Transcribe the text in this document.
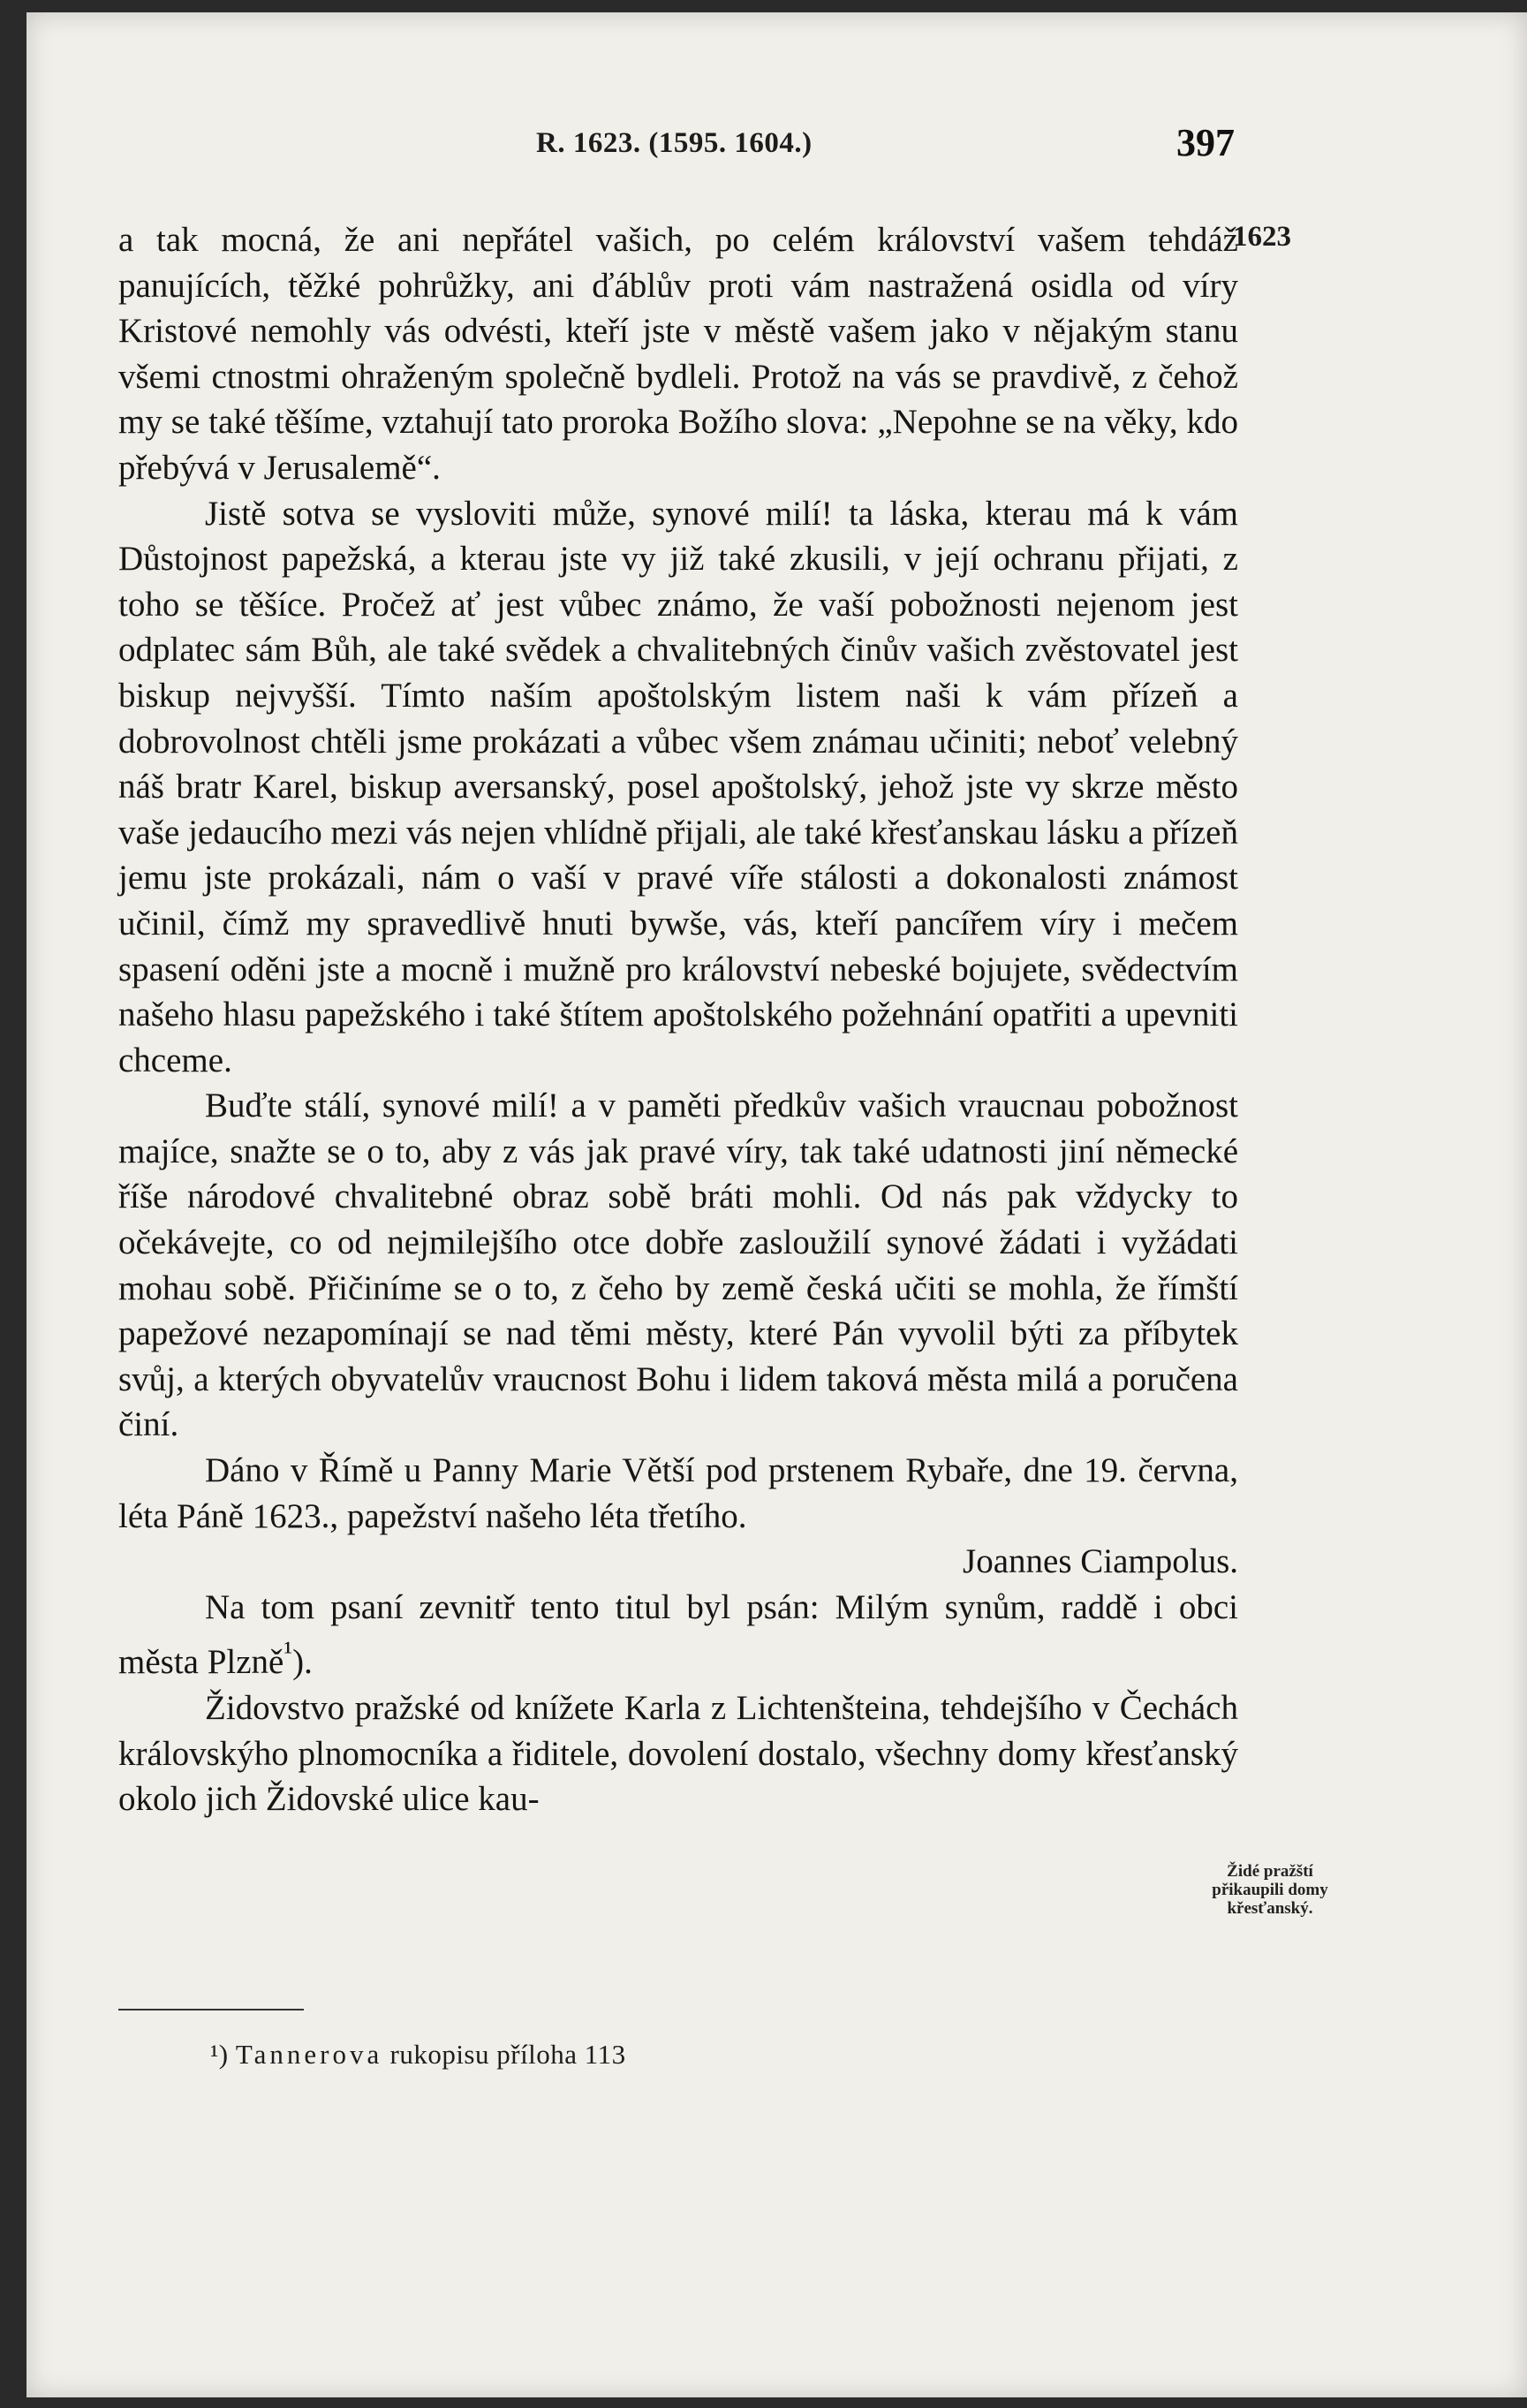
R. 1623. (1595. 1604.)	397
1623

a tak mocná, že ani nepřátel vašich, po celém království vašem tehdáž panujících, těžké pohrůžky, ani ďáblův proti vám nastražená osidla od víry Kristové nemohly vás odvésti, kteří jste v městě vašem jako v nějakým stanu všemi ctnostmi ohraženým společně bydleli. Protož na vás se pravdivě, z čehož my se také těšíme, vztahují tato proroka Božího slova: „Nepohne se na věky, kdo přebývá v Jerusalemě“.

Jistě sotva se vysloviti může, synové milí! ta láska, kterau má k vám Důstojnost papežská, a kterau jste vy již také zkusili, v její ochranu přijati, z toho se těšíce. Pročež ať jest vůbec známo, že vaší pobožnosti nejenom jest odplatec sám Bůh, ale také svědek a chvalitebných činův vašich zvěstovatel jest biskup nejvyšší. Tímto naším apoštolským listem naši k vám přízeň a dobrovolnost chtěli jsme prokázati a vůbec všem známau učiniti; neboť velebný náš bratr Karel, biskup aversanský, posel apoštolský, jehož jste vy skrze město vaše jedaucího mezi vás nejen vhlídně přijali, ale také křesťanskau lásku a přízeň jemu jste prokázali, nám o vaší v pravé víře stálosti a dokonalosti známost učinil, čímž my spravedlivě hnuti bywše, vás, kteří pancířem víry i mečem spasení oděni jste a mocně i mužně pro království nebeské bojujete, svědectvím našeho hlasu papežského i také štítem apoštolského požehnání opatřiti a upevniti chceme.

Buďte stálí, synové milí! a v paměti předkův vašich vraucnau pobožnost majíce, snažte se o to, aby z vás jak pravé víry, tak také udatnosti jiní německé říše národové chvalitebné obraz sobě bráti mohli. Od nás pak vždycky to očekávejte, co od nejmilejšího otce dobře zasloužilí synové žádati i vyžádati mohau sobě. Přičiníme se o to, z čeho by země česká učiti se mohla, že římští papežové nezapomínají se nad těmi městy, které Pán vyvolil býti za příbytek svůj, a kterých obyvatelův vraucnost Bohu i lidem taková města milá a poručena činí.

Dáno v Římě u Panny Marie Větší pod prstenem Rybaře, dne 19. června, léta Páně 1623., papežství našeho léta třetího.

Joannes Ciampolus.

Na tom psaní zevnitř tento titul byl psán: Milým synům, raddě i obci města Plzně$^{^1}$).

Židovstvo pražské od knížete Karla z Lichtenšteina, tehdejšího v Čechách královskýho plnomocníka a řiditele, dovolení dostalo, všechny domy křesťanský okolo jich Židovské ulice kau-

Židé pražští přikaupili domy křesťanský.
¹) Tannerova rukopisu příloha 113
